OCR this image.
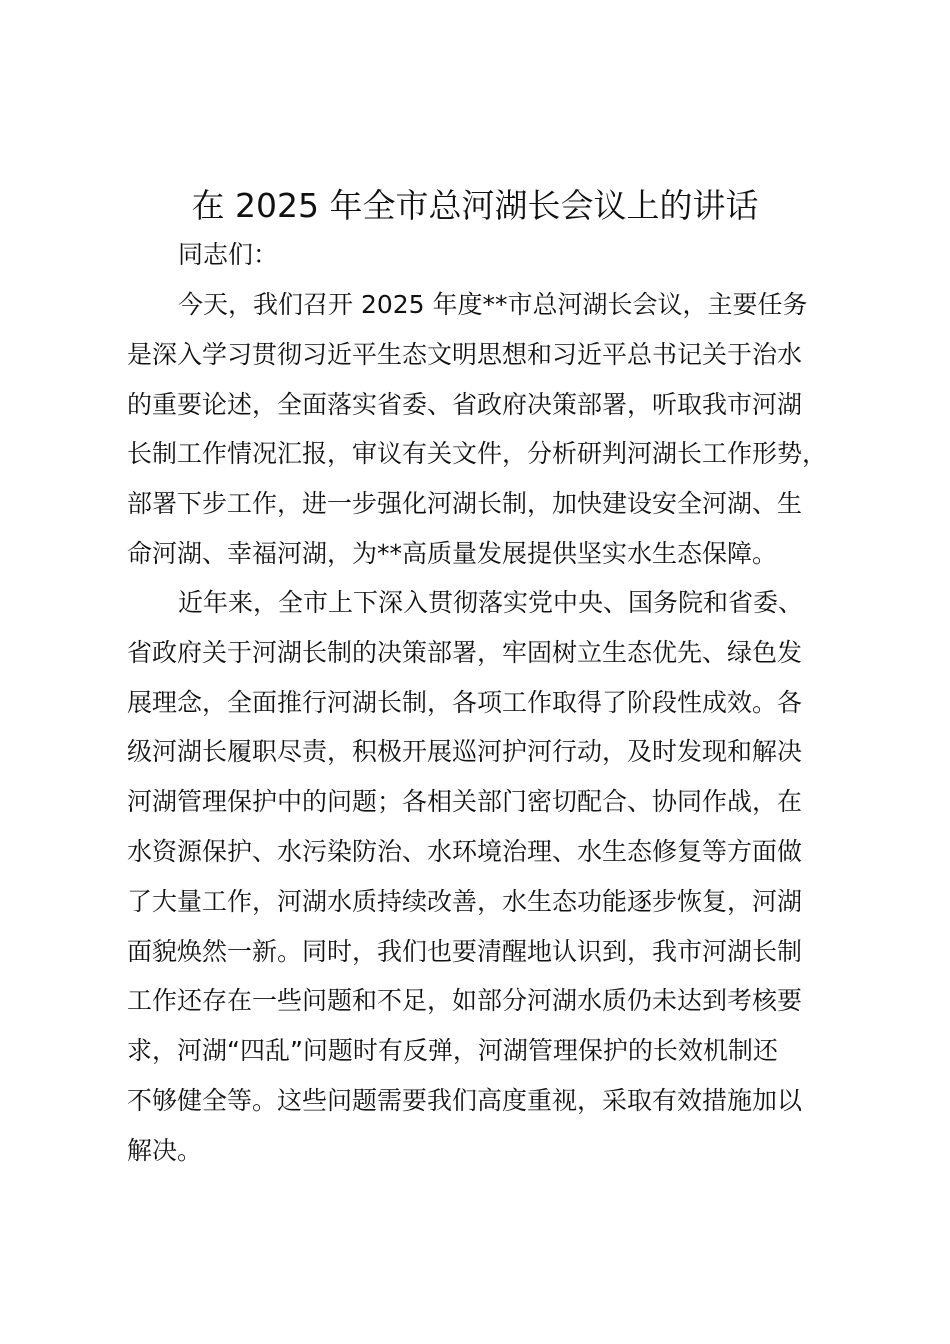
在 2025 年全市总河湖长会议上的讲话

同志们：

今天，我们召开 2025 年度**市总河湖长会议，主要任务
是深入学习贯彻习近平生态文明思想和习近平总书记关于治水
的重要论述，全面落实省委、省政府决策部署，听取我市河湖
长制工作情况汇报，审议有关文件，分析研判河湖长工作形势，
部署下步工作，进一步强化河湖长制，加快建设安全河湖、生
命河湖、幸福河湖，为**高质量发展提供坚实水生态保障。
近年来，全市上下深入贯彻落实党中央、国务院和省委、
省政府关于河湖长制的决策部署，牢固树立生态优先、绿色发
展理念，全面推行河湖长制，各项工作取得了阶段性成效。各
级河湖长履职尽责，积极开展巡河护河行动，及时发现和解决
河湖管理保护中的问题；各相关部门密切配合、协同作战，在
水资源保护、水污染防治、水环境治理、水生态修复等方面做
了大量工作，河湖水质持续改善，水生态功能逐步恢复，河湖
面貌焕然一新。同时，我们也要清醒地认识到，我市河湖长制
工作还存在一些问题和不足，如部分河湖水质仍未达到考核要
求，河湖“四乱”问题时有反弹，河湖管理保护的长效机制还
不够健全等。这些问题需要我们高度重视，采取有效措施加以
解决。
